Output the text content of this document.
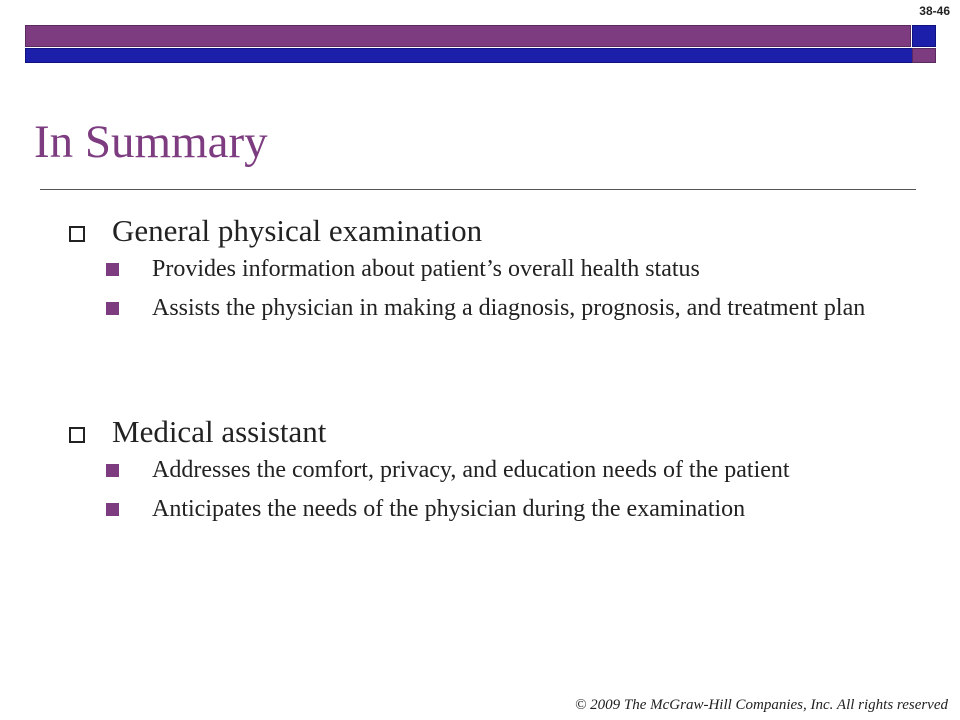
38-46
In Summary
General physical examination
Provides information about patient’s overall health status
Assists the physician in making a diagnosis, prognosis, and treatment plan
Medical assistant
Addresses the comfort, privacy, and education needs of the patient
Anticipates the needs of the physician during the examination
© 2009 The McGraw-Hill Companies, Inc. All rights reserved
